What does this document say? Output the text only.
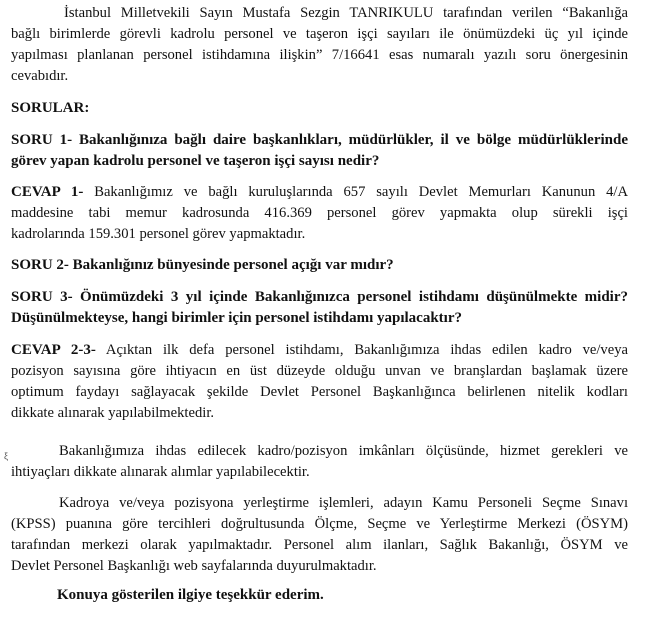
İstanbul Milletvekili Sayın Mustafa Sezgin TANRIKULU tarafından verilen “Bakanlığa
bağlı birimlerde görevli kadrolu personel ve taşeron işçi sayıları ile önümüzdeki üç yıl içinde
yapılması planlanan personel istihdamına ilişkin” 7/16641 esas numaralı yazılı soru önergesinin
cevabıdır.
SORULAR:
SORU 1- Bakanlığınıza bağlı daire başkanlıkları, müdürlükler, il ve bölge müdürlüklerinde
görev yapan kadrolu personel ve taşeron işçi sayısı nedir?
CEVAP 1- Bakanlığımız ve bağlı kuruluşlarında 657 sayılı Devlet Memurları Kanunun 4/A
maddesine tabi memur kadrosunda 416.369 personel görev yapmakta olup sürekli işçi
kadrolarında 159.301 personel görev yapmaktadır.
SORU 2- Bakanlığınız bünyesinde personel açığı var mıdır?
SORU 3- Önümüzdeki 3 yıl içinde Bakanlığınızca personel istihdamı düşünülmekte midir?
Düşünülmekteyse, hangi birimler için personel istihdamı yapılacaktır?
CEVAP 2-3- Açıktan ilk defa personel istihdamı, Bakanlığımıza ihdas edilen kadro ve/veya
pozisyon sayısına göre ihtiyacın en üst düzeyde olduğu unvan ve branşlardan başlamak üzere
optimum faydayı sağlayacak şekilde Devlet Personel Başkanlığınca belirlenen nitelik kodları
dikkate alınarak yapılabilmektedir.
ξ	Bakanlığımıza ihdas edilecek kadro/pozisyon imkânları ölçüsünde, hizmet gerekleri ve
ihtiyaçları dikkate alınarak alımlar yapılabilecektir.
Kadroya ve/veya pozisyona yerleştirme işlemleri, adayın Kamu Personeli Seçme Sınavı
(KPSS) puanına göre tercihleri doğrultusunda Ölçme, Seçme ve Yerleştirme Merkezi (ÖSYM)
tarafından merkezi olarak yapılmaktadır. Personel alım ilanları, Sağlık Bakanlığı, ÖSYM ve
Devlet Personel Başkanlığı web sayfalarında duyurulmaktadır.
Konuya gösterilen ilgiye teşekkür ederim.
